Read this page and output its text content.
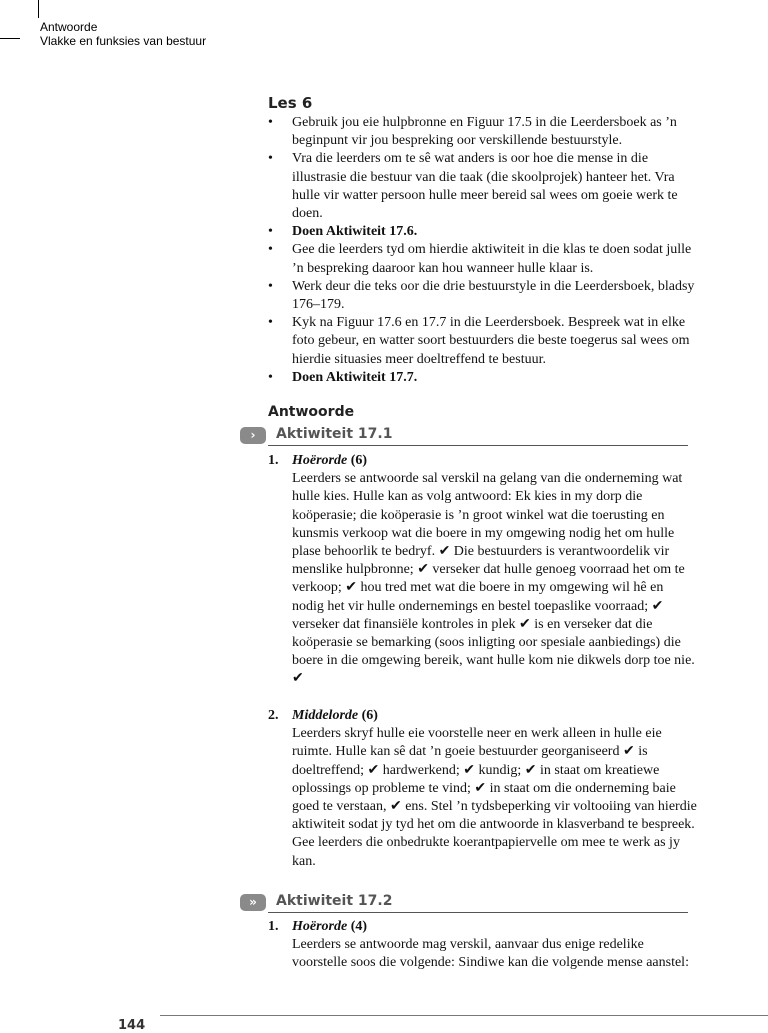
Antwoorde
Vlakke en funksies van bestuur
Les 6
• Gebruik jou eie hulpbronne en Figuur 17.5 in die Leerdersboek as ’n beginpunt vir jou bespreking oor verskillende bestuurstyle.
• Vra die leerders om te sê wat anders is oor hoe die mense in die illustrasie die bestuur van die taak (die skoolprojek) hanteer het. Vra hulle vir watter persoon hulle meer bereid sal wees om goeie werk te doen.
• Doen Aktiwiteit 17.6.
• Gee die leerders tyd om hierdie aktiwiteit in die klas te doen sodat julle ’n bespreking daaroor kan hou wanneer hulle klaar is.
• Werk deur die teks oor die drie bestuurstyle in die Leerdersboek, bladsy 176–179.
• Kyk na Figuur 17.6 en 17.7 in die Leerdersboek. Bespreek wat in elke foto gebeur, en watter soort bestuurders die beste toegerus sal wees om hierdie situasies meer doeltreffend te bestuur.
• Doen Aktiwiteit 17.7.
Antwoorde
›	Aktiwiteit 17.1
1. Hoërorde (6)
Leerders se antwoorde sal verskil na gelang van die onderneming wat hulle kies. Hulle kan as volg antwoord: Ek kies in my dorp die koöperasie; die koöperasie is ’n groot winkel wat die toerusting en kunsmis verkoop wat die boere in my omgewing nodig het om hulle plase behoorlik te bedryf. ✔ Die bestuurders is verantwoordelik vir menslike hulpbronne; ✔ verseker dat hulle genoeg voorraad het om te verkoop; ✔ hou tred met wat die boere in my omgewing wil hê en nodig het vir hulle ondernemings en bestel toepaslike voorraad; ✔ verseker dat finansiële kontroles in plek ✔ is en verseker dat die koöperasie se bemarking (soos inligting oor spesiale aanbiedings) die boere in die omgewing bereik, want hulle kom nie dikwels dorp toe nie. ✔
2. Middelorde (6)
Leerders skryf hulle eie voorstelle neer en werk alleen in hulle eie ruimte. Hulle kan sê dat ’n goeie bestuurder georganiseerd ✔ is doeltreffend; ✔ hardwerkend; ✔ kundig; ✔ in staat om kreatiewe oplossings op probleme te vind; ✔ in staat om die onderneming baie goed te verstaan, ✔ ens. Stel ’n tydsbeperking vir voltooiing van hierdie aktiwiteit sodat jy tyd het om die antwoorde in klasverband te bespreek. Gee leerders die onbedrukte koerantpapiervelle om mee te werk as jy kan.
»	Aktiwiteit 17.2
1. Hoërorde (4)
Leerders se antwoorde mag verskil, aanvaar dus enige redelike voorstelle soos die volgende: Sindiwe kan die volgende mense aanstel:
144
